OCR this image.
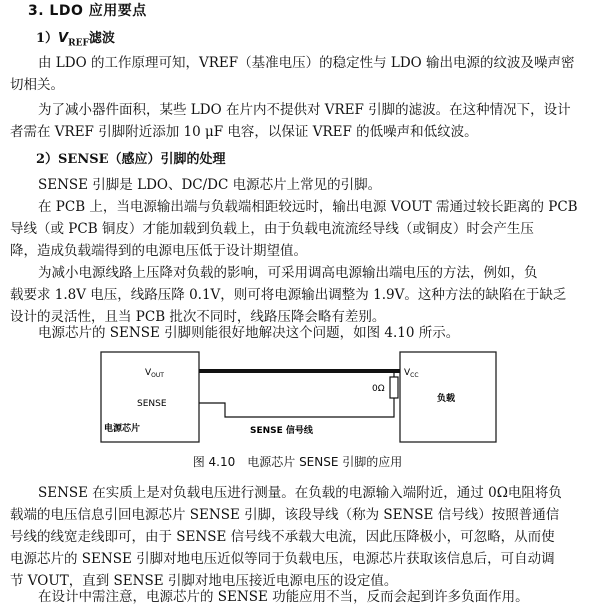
3. LDO 应用要点
$1)V_{REF}$滤波
由 LDO 的工作原理可知，VREF（基准电压）的稳定性与 LDO 输出电源的纹波及噪声密
切相关。
为了减小器件面积，某些 LDO 在片内不提供对 VREF 引脚的滤波。在这种情况下，设计
者需在 VREF 引脚附近添加 10 μF 电容，以保证 VREF 的低噪声和低纹波。
2）SENSE（感应）引脚的处理
SENSE 引脚是 LDO、DC/DC 电源芯片上常见的引脚。
在 PCB 上，当电源输出端与负载端相距较远时，输出电源 VOUT 需通过较长距离的 PCB
导线（或 PCB 铜皮）才能加载到负载上，由于负载电流流经导线（或铜皮）时会产生压
降，造成负载端得到的电源电压低于设计期望值。
为减小电源线路上压降对负载的影响，可采用调高电源输出端电压的方法，例如，负
载要求 1.8V 电压，线路压降 0.1V，则可将电源输出调整为 1.9V。这种方法的缺陷在于缺乏
设计的灵活性，且当 PCB 批次不同时，线路压降会略有差别。
电源芯片的 SENSE 引脚则能很好地解决这个问题，如图 4.10 所示。
$V_{OUT}$
SENSE
电源芯片
$V_{CC}$
0Ω
负载
SENSE 信号线
图 4.10　电源芯片 SENSE 引脚的应用
SENSE 在实质上是对负载电压进行测量。在负载的电源输入端附近，通过 0Ω电阻将负
载端的电压信息引回电源芯片 SENSE 引脚，该段导线（称为 SENSE 信号线）按照普通信
号线的线宽走线即可，由于 SENSE 信号线不承载大电流，因此压降极小，可忽略，从而使
电源芯片的 SENSE 引脚对地电压近似等同于负载电压，电源芯片获取该信息后，可自动调
节 VOUT，直到 SENSE 引脚对地电压接近电源电压的设定值。
在设计中需注意，电源芯片的 SENSE 功能应用不当，反而会起到许多负面作用。
